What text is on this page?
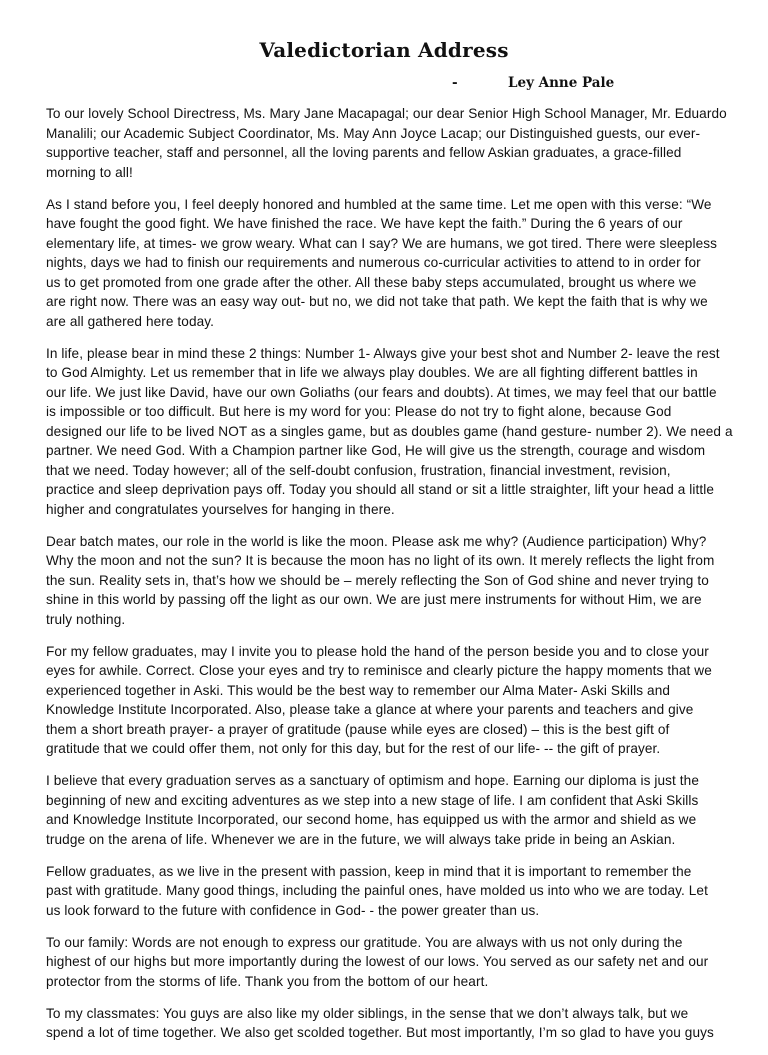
Valedictorian Address
-	Ley Anne Pale
To our lovely School Directress, Ms. Mary Jane Macapagal; our dear Senior High School Manager, Mr. Eduardo
Manalili; our Academic Subject Coordinator, Ms. May Ann Joyce Lacap; our Distinguished guests, our ever-
supportive teacher, staff and personnel, all the loving parents and fellow Askian graduates, a grace-filled
morning to all!
As I stand before you, I feel deeply honored and humbled at the same time. Let me open with this verse: “We
have fought the good fight. We have finished the race. We have kept the faith.” During the 6 years of our
elementary life, at times- we grow weary. What can I say? We are humans, we got tired. There were sleepless
nights, days we had to finish our requirements and numerous co-curricular activities to attend to in order for
us to get promoted from one grade after the other. All these baby steps accumulated, brought us where we
are right now. There was an easy way out- but no, we did not take that path. We kept the faith that is why we
are all gathered here today.
In life, please bear in mind these 2 things: Number 1- Always give your best shot and Number 2- leave the rest
to God Almighty. Let us remember that in life we always play doubles. We are all fighting different battles in
our life. We just like David, have our own Goliaths (our fears and doubts). At times, we may feel that our battle
is impossible or too difficult. But here is my word for you: Please do not try to fight alone, because God
designed our life to be lived NOT as a singles game, but as doubles game (hand gesture- number 2). We need a
partner. We need God. With a Champion partner like God, He will give us the strength, courage and wisdom
that we need. Today however; all of the self-doubt confusion, frustration, financial investment, revision,
practice and sleep deprivation pays off. Today you should all stand or sit a little straighter, lift your head a little
higher and congratulates yourselves for hanging in there.
Dear batch mates, our role in the world is like the moon. Please ask me why? (Audience participation) Why?
Why the moon and not the sun? It is because the moon has no light of its own. It merely reflects the light from
the sun. Reality sets in, that’s how we should be – merely reflecting the Son of God shine and never trying to
shine in this world by passing off the light as our own. We are just mere instruments for without Him, we are
truly nothing.
For my fellow graduates, may I invite you to please hold the hand of the person beside you and to close your
eyes for awhile. Correct. Close your eyes and try to reminisce and clearly picture the happy moments that we
experienced together in Aski. This would be the best way to remember our Alma Mater- Aski Skills and
Knowledge Institute Incorporated. Also, please take a glance at where your parents and teachers and give
them a short breath prayer- a prayer of gratitude (pause while eyes are closed) – this is the best gift of
gratitude that we could offer them, not only for this day, but for the rest of our life- -- the gift of prayer.
I believe that every graduation serves as a sanctuary of optimism and hope. Earning our diploma is just the
beginning of new and exciting adventures as we step into a new stage of life. I am confident that Aski Skills
and Knowledge Institute Incorporated, our second home, has equipped us with the armor and shield as we
trudge on the arena of life. Whenever we are in the future, we will always take pride in being an Askian.
Fellow graduates, as we live in the present with passion, keep in mind that it is important to remember the
past with gratitude. Many good things, including the painful ones, have molded us into who we are today. Let
us look forward to the future with confidence in God- - the power greater than us.
To our family: Words are not enough to express our gratitude. You are always with us not only during the
highest of our highs but more importantly during the lowest of our lows. You served as our safety net and our
protector from the storms of life. Thank you from the bottom of our heart.
To my classmates: You guys are also like my older siblings, in the sense that we don’t always talk, but we
spend a lot of time together. We also get scolded together. But most importantly, I’m so glad to have you guys
